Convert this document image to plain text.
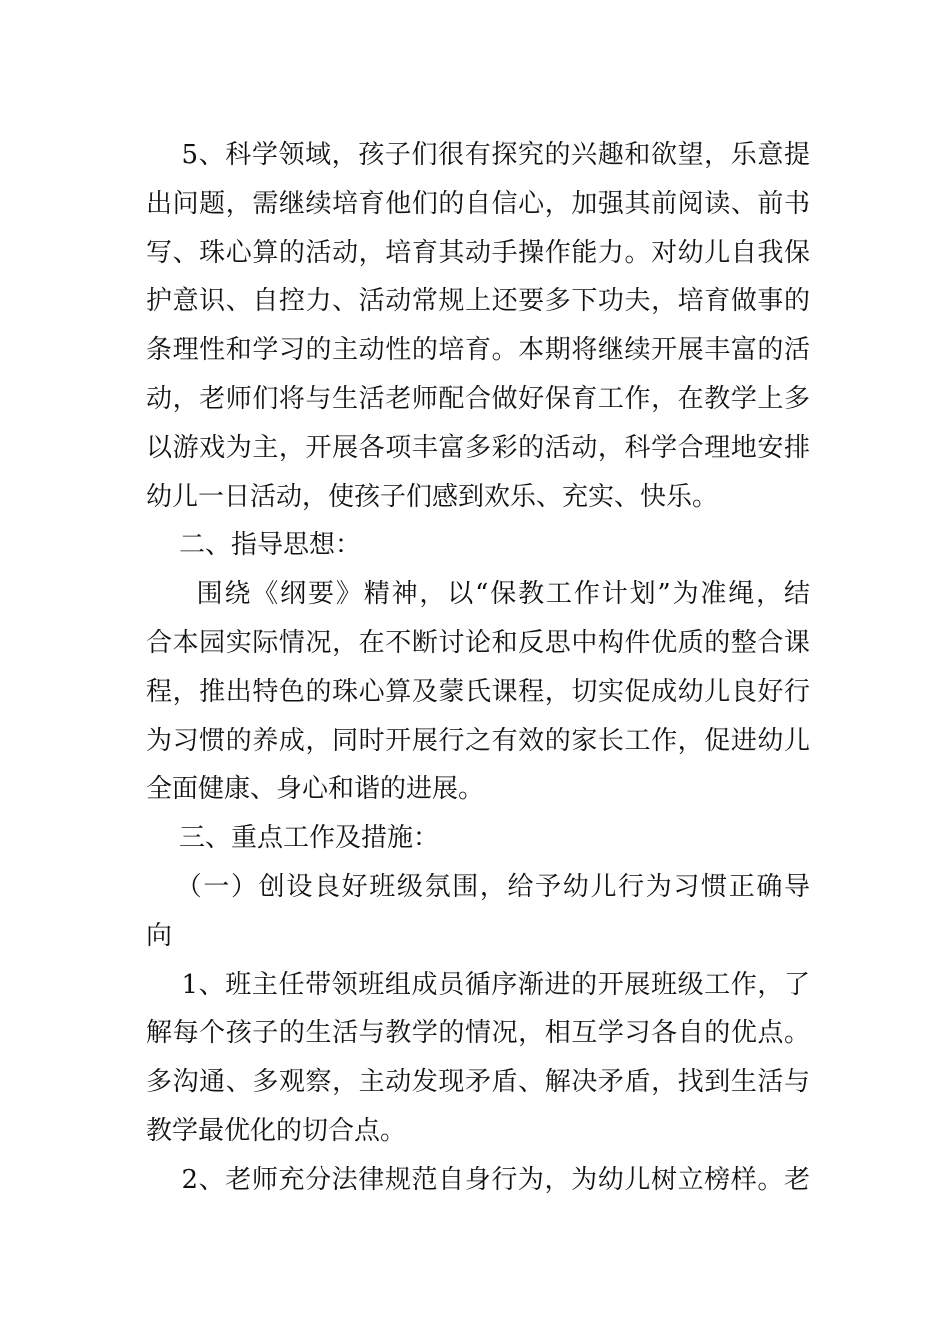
5、科学领域，孩子们很有探究的兴趣和欲望，乐意提
出问题，需继续培育他们的自信心，加强其前阅读、前书
写、珠心算的活动，培育其动手操作能力。对幼儿自我保
护意识、自控力、活动常规上还要多下功夫，培育做事的
条理性和学习的主动性的培育。本期将继续开展丰富的活
动，老师们将与生活老师配合做好保育工作，在教学上多
以游戏为主，开展各项丰富多彩的活动，科学合理地安排
幼儿一日活动，使孩子们感到欢乐、充实、快乐。
二、指导思想：
围绕《纲要》精神，以“保教工作计划”为准绳，结
合本园实际情况，在不断讨论和反思中构件优质的整合课
程，推出特色的珠心算及蒙氏课程，切实促成幼儿良好行
为习惯的养成，同时开展行之有效的家长工作，促进幼儿
全面健康、身心和谐的进展。
三、重点工作及措施：
（一）创设良好班级氛围，给予幼儿行为习惯正确导
向
1、班主任带领班组成员循序渐进的开展班级工作，了
解每个孩子的生活与教学的情况，相互学习各自的优点。
多沟通、多观察，主动发现矛盾、解决矛盾，找到生活与
教学最优化的切合点。
2、老师充分法律规范自身行为，为幼儿树立榜样。老
